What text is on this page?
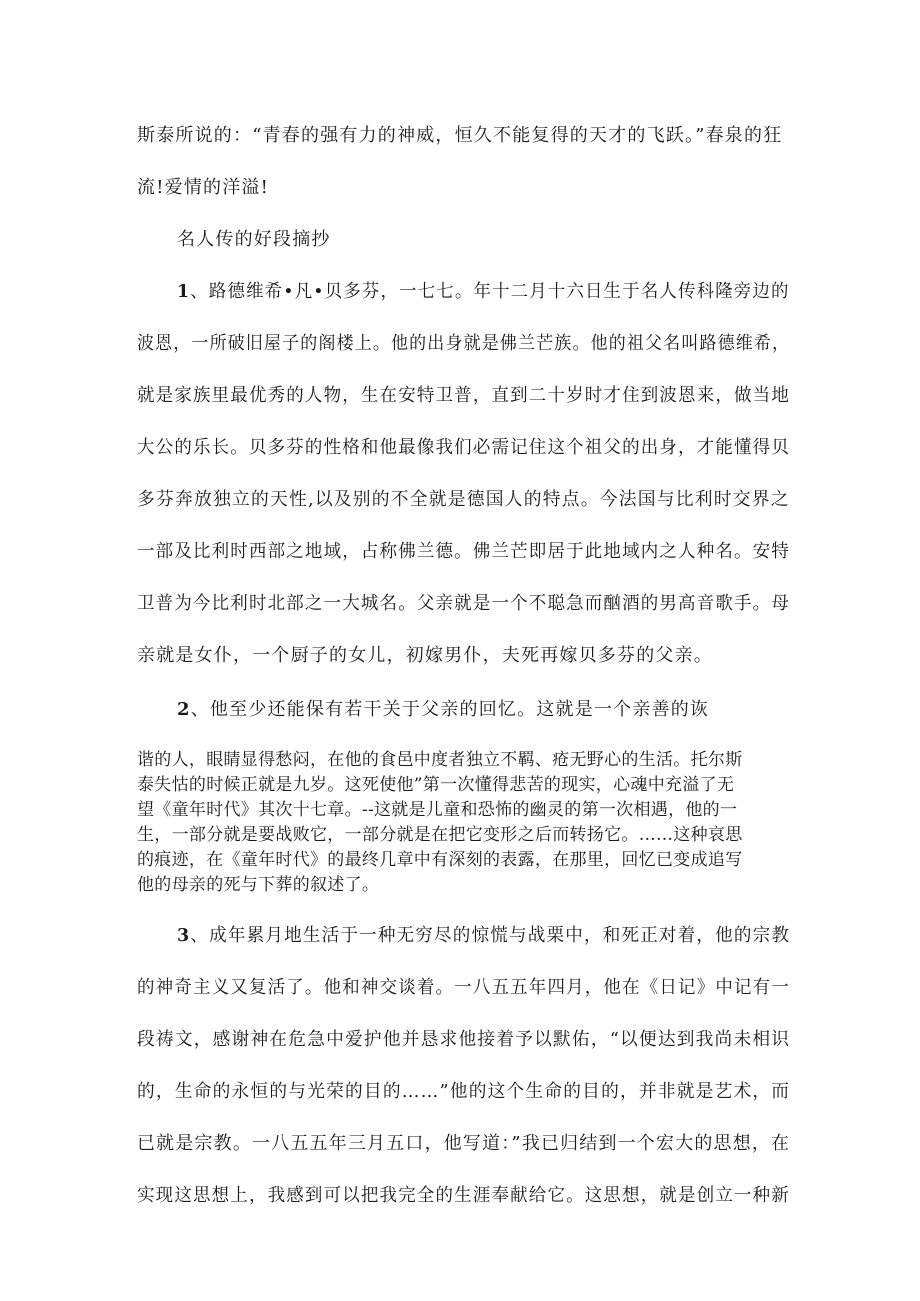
斯泰所说的：“青春的强有力的神威，恒久不能复得的天才的飞跃。”春泉的狂

流!爱情的洋溢!

名人传的好段摘抄

1、路德维希•凡•贝多芬，一七七。年十二月十六日生于名人传科隆旁边的

波恩，一所破旧屋子的阁楼上。他的出身就是佛兰芒族。他的祖父名叫路德维希，

就是家族里最优秀的人物，生在安特卫普，直到二十岁时才住到波恩来，做当地

大公的乐长。贝多芬的性格和他最像我们必需记住这个祖父的出身，才能懂得贝

多芬奔放独立的天性,以及别的不全就是德国人的特点。今法国与比利时交界之

一部及比利时西部之地域，占称佛兰德。佛兰芒即居于此地域内之人种名。安特

卫普为今比利时北部之一大城名。父亲就是一个不聪急而酗酒的男高音歌手。母

亲就是女仆，一个厨子的女儿，初嫁男仆，夫死再嫁贝多芬的父亲。

2、他至少还能保有若干关于父亲的回忆。这就是一个亲善的诙

谐的人，眼睛显得愁闷，在他的食邑中度者独立不羁、疮无野心的生活。托尔斯

泰失怙的时候正就是九岁。这死使他”第一次懂得悲苦的现实，心魂中充溢了无

望《童年时代》其次十七章。--这就是儿童和恐怖的幽灵的第一次相遇，他的一

生，一部分就是要战败它，一部分就是在把它变形之后而转扬它。……这种哀思

的痕迹，在《童年时代》的最终几章中有深刻的表露，在那里，回忆已变成追写

他的母亲的死与下葬的叙述了。

3、成年累月地生活于一种无穷尽的惊慌与战栗中，和死正对着，他的宗教

的神奇主义又复活了。他和神交谈着。一八五五年四月，他在《日记》中记有一

段祷文，感谢神在危急中爱护他并恳求他接着予以默佑，“以便达到我尚未相识

的，生命的永恒的与光荣的目的……”他的这个生命的目的，并非就是艺术，而

已就是宗教。一八五五年三月五口，他写道：”我已归结到一个宏大的思想，在

实现这思想上，我感到可以把我完全的生涯奉献给它。这思想，就是创立一种新
